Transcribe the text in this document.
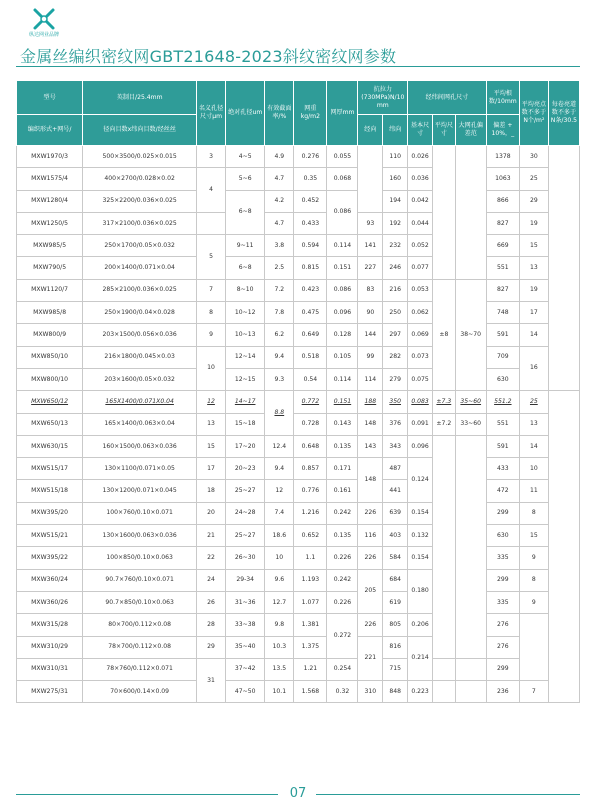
纵达网业品牌
金属丝编织密纹网GBT21648-2023斜纹密纹网参数
型号	英制目/25.4mm	名义孔径尺寸μm	绝对孔径um	有效截面率/%	网重kg/m2	网厚mm	抗拉力(730MPa)N/10 mm		经纬间网孔尺寸			平均根数/10mm	平均亮点数不多于N个/m²	每卷亮道数不多于N条/30.5
编织形式+网号/	径向目数x纬向目数/经丝丝						经向	纬向	基本尺寸	平均尺寸	大网孔偏差范	偏差 + 10%，_		
MXW1970/3	500×3500/0.025×0.015	3	4~5	4.9	0.276	0.055		110	0.026			1378	30	
MXW1575/4	400×2700/0.028×0.02	4	5~6	4.7	0.35	0.068		160	0.036			1063	25	
MXW1280/4	325×2200/0.036×0.025		6~8	4.2	0.452	0.086		194	0.042			866	29	
MXW1250/5	317×2100/0.036×0.025			4.7	0.433		93	192	0.044			827	19	
MXW985/5	250×1700/0.05×0.032	5	9~11	3.8	0.594	0.114	141	232	0.052			669	15	
MXW790/5	200×1400/0.071×0.04		6~8	2.5	0.815	0.151	227	246	0.077			551	13	
MXW1120/7	285×2100/0.036×0.025	7	8~10	7.2	0.423	0.086	83	216	0.053	±8	38~70	827	19	
MXW985/8	250×1900/0.04×0.028	8	10~12	7.8	0.475	0.096	90	250	0.062			748	17	
MXW800/9	203×1500/0.056×0.036	9	10~13	6.2	0.649	0.128	144	297	0.069			591	14	
MXW850/10	216×1800/0.045×0.03	10	12~14	9.4	0.518	0.105	99	282	0.073			709	16	
MXW800/10	203×1600/0.05×0.032		12~15	9.3	0.54	0.114	114	279	0.075			630		
MXW650/12	165X1400/0.071X0.04	12	14~17	8.8	0.772	0.151	188	350	0.083	±7.3	35~60	551.2	25	
MXW650/13	165×1400/0.063×0.04	13	15~18		0.728	0.143	148	376	0.091	±7.2	33~60	551	13	
MXW630/15	160×1500/0.063×0.036	15	17~20	12.4	0.648	0.135	143	343	0.096			591	14	
MXW515/17	130×1100/0.071×0.05	17	20~23	9.4	0.857	0.171	148	487	0.124			433	10	
MXW515/18	130×1200/0.071×0.045	18	25~27	12	0.776	0.161		441				472	11	
MXW395/20	100×760/0.10×0.071	20	24~28	7.4	1.216	0.242	226	639	0.154			299	8	
MXW515/21	130×1600/0.063×0.036	21	25~27	18.6	0.652	0.135	116	403	0.132			630	15	
MXW395/22	100×850/0.10×0.063	22	26~30	10	1.1	0.226	226	584	0.154			335	9	
MXW360/24	90.7×760/0.10×0.071	24	29-34	9.6	1.193	0.242	205	684	0.180			299	8	
MXW360/26	90.7×850/0.10×0.063	26	31~36	12.7	1.077	0.226		619				335	9	
MXW315/28	80×700/0.112×0.08	28	33~38	9.8	1.381	0.272	226	805	0.206			276		
MXW310/29	78×700/0.112×0.08	29	35~40	10.3	1.375		221	816	0.214			276		
MXW310/31	78×760/0.112×0.071	31	37~42	13.5	1.21	0.254		715				299		
MXW275/31	70×600/0.14×0.09		47~50	10.1	1.568	0.32	310	848	0.223			236	7	
07
